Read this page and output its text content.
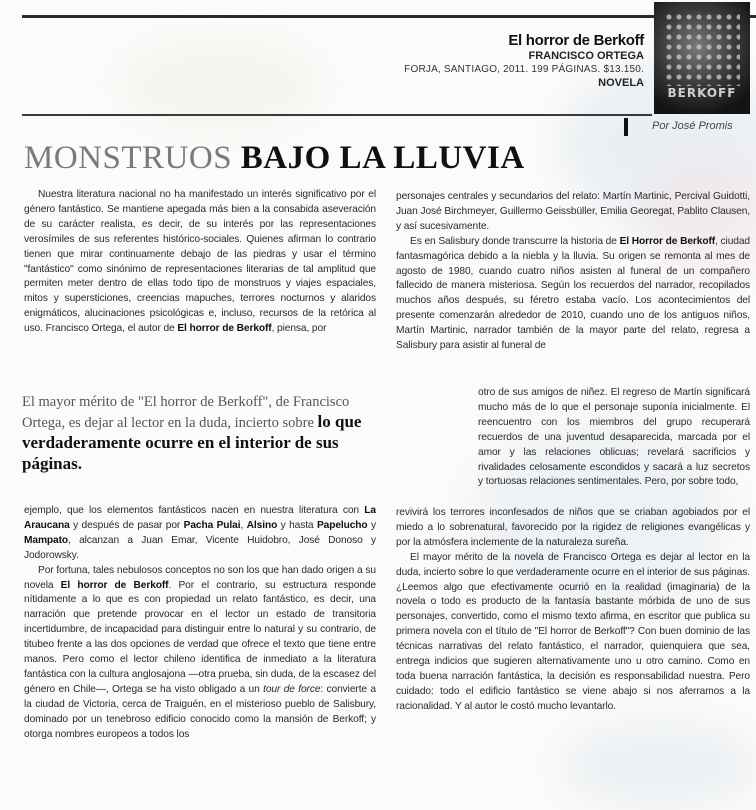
El horror de Berkoff
FRANCISCO ORTEGA
FORJA, SANTIAGO, 2011. 199 PÁGINAS. $13.150.
NOVELA
BERKOFF
Por José Promis
MONSTRUOS BAJO LA LLUVIA

Nuestra literatura nacional no ha manifestado un interés significativo por el género fantástico. Se mantiene apegada más bien a la consabida aseveración de su carácter realista, es decir, de su interés por las representaciones verosímiles de sus referentes histórico-sociales. Quienes afirman lo contrario tienen que mirar continuamente debajo de las piedras y usar el término "fantástico" como sinónimo de representaciones literarias de tal amplitud que permiten meter dentro de ellas todo tipo de monstruos y viajes espaciales, mitos y supersticiones, creencias mapuches, terrores nocturnos y alaridos enigmáticos, alucinaciones psicológicas e, incluso, recursos de la retórica al uso. Francisco Ortega, el autor de El horror de Berkoff, piensa, por

El mayor mérito de "El horror de Berkoff", de Francisco Ortega, es dejar al lector en la duda, incierto sobre lo que verdaderamente ocurre en el interior de sus páginas.

ejemplo, que los elementos fantásticos nacen en nuestra literatura con La Araucana y después de pasar por Pacha Pulai, Alsino y hasta Papelucho y Mampato, alcanzan a Juan Emar, Vicente Huidobro, José Donoso y Jodorowsky.

Por fortuna, tales nebulosos conceptos no son los que han dado origen a su novela El horror de Berkoff. Por el contrario, su estructura responde nítidamente a lo que es con propiedad un relato fantástico, es decir, una narración que pretende provocar en el lector un estado de transitoria incertidumbre, de incapacidad para distinguir entre lo natural y su contrario, de titubeo frente a las dos opciones de verdad que ofrece el texto que tiene entre manos. Pero como el lector chileno identifica de inmediato a la literatura fantástica con la cultura anglosajona —otra prueba, sin duda, de la escasez del género en Chile—, Ortega se ha visto obligado a un tour de force: convierte a la ciudad de Victoria, cerca de Traiguén, en el misterioso pueblo de Salisbury, dominado por un tenebroso edificio conocido como la mansión de Berkoff; y otorga nombres europeos a todos los

personajes centrales y secundarios del relato: Martín Martinic, Percival Guidotti, Juan José Birchmeyer, Guillermo Geissbüller, Emilia Georegat, Pablito Clausen, y así sucesivamente.

Es en Salisbury donde transcurre la historia de El Horror de Berkoff, ciudad fantasmagórica debido a la niebla y la lluvia. Su origen se remonta al mes de agosto de 1980, cuando cuatro niños asisten al funeral de un compañero fallecido de manera misteriosa. Según los recuerdos del narrador, recopilados muchos años después, su féretro estaba vacío. Los acontecimientos del presente comenzarán alrededor de 2010, cuando uno de los antiguos niños, Martín Martinic, narrador también de la mayor parte del relato, regresa a Salisbury para asistir al funeral de

otro de sus amigos de niñez. El regreso de Martín significará mucho más de lo que el personaje suponía inicialmente. El reencuentro con los miembros del grupo recuperará recuerdos de una juventud desaparecida, marcada por el amor y las relaciones oblicuas; revelará sacrificios y rivalidades celosamente escondidos y sacará a luz secretos y tortuosas relaciones sentimentales. Pero, por sobre todo,

revivirá los terrores inconfesados de niños que se criaban agobiados por el miedo a lo sobrenatural, favorecido por la rigidez de religiones evangélicas y por la atmósfera inclemente de la naturaleza sureña.

El mayor mérito de la novela de Francisco Ortega es dejar al lector en la duda, incierto sobre lo que verdaderamente ocurre en el interior de sus páginas. ¿Leemos algo que efectivamente ocurrió en la realidad (imaginaria) de la novela o todo es producto de la fantasía bastante mórbida de uno de sus personajes, convertido, como el mismo texto afirma, en escritor que publica su primera novela con el título de "El horror de Berkoff"? Con buen dominio de las técnicas narrativas del relato fantástico, el narrador, quienquiera que sea, entrega indicios que sugieren alternativamente uno u otro camino. Como en toda buena narración fantástica, la decisión es responsabilidad nuestra. Pero cuidado: todo el edificio fantástico se viene abajo si nos aferramos a la racionalidad. Y al autor le costó mucho levantarlo.
